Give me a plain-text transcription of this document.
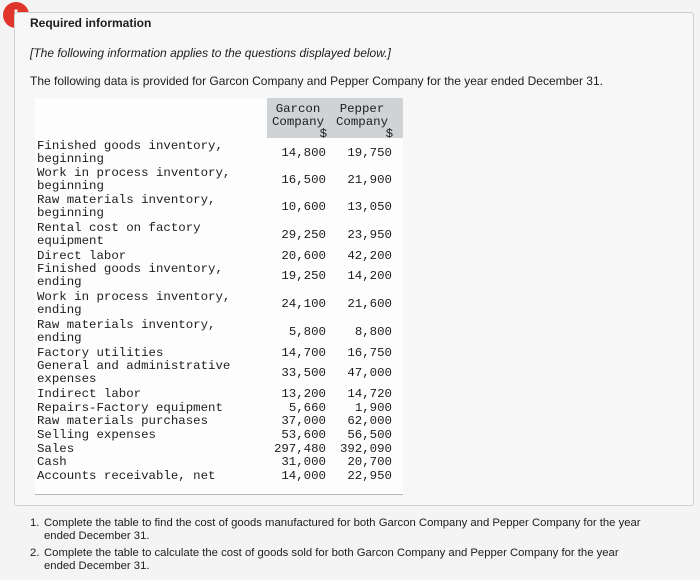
Required information
[The following information applies to the questions displayed below.]
The following data is provided for Garcon Company and Pepper Company for the year ended December 31.
Garcon
Company
Pepper
Company
$	$
Finished goods inventory,
beginning	14,800 19,750
Work in process inventory,
beginning	16,500 21,900
Raw materials inventory,
beginning	10,600 13,050
Rental cost on factory
equipment	29,250 23,950
Direct labor	20,600 42,200
Finished goods inventory,
ending	19,250 14,200
Work in process inventory,
ending	24,100 21,600
Raw materials inventory,
ending	5,800 8,800
Factory utilities	14,700 16,750
General and administrative
expenses	33,500 47,000
Indirect labor	13,200 14,720
Repairs-Factory equipment	5,660 1,900
Raw materials purchases	37,000 62,000
Selling expenses	53,600 56,500
Sales	297,480 392,090
Cash	31,000 20,700
Accounts receivable, net	14,000 22,950
1. Complete the table to find the cost of goods manufactured for both Garcon Company and Pepper Company for the year ended December 31.
2. Complete the table to calculate the cost of goods sold for both Garcon Company and Pepper Company for the year ended December 31.
